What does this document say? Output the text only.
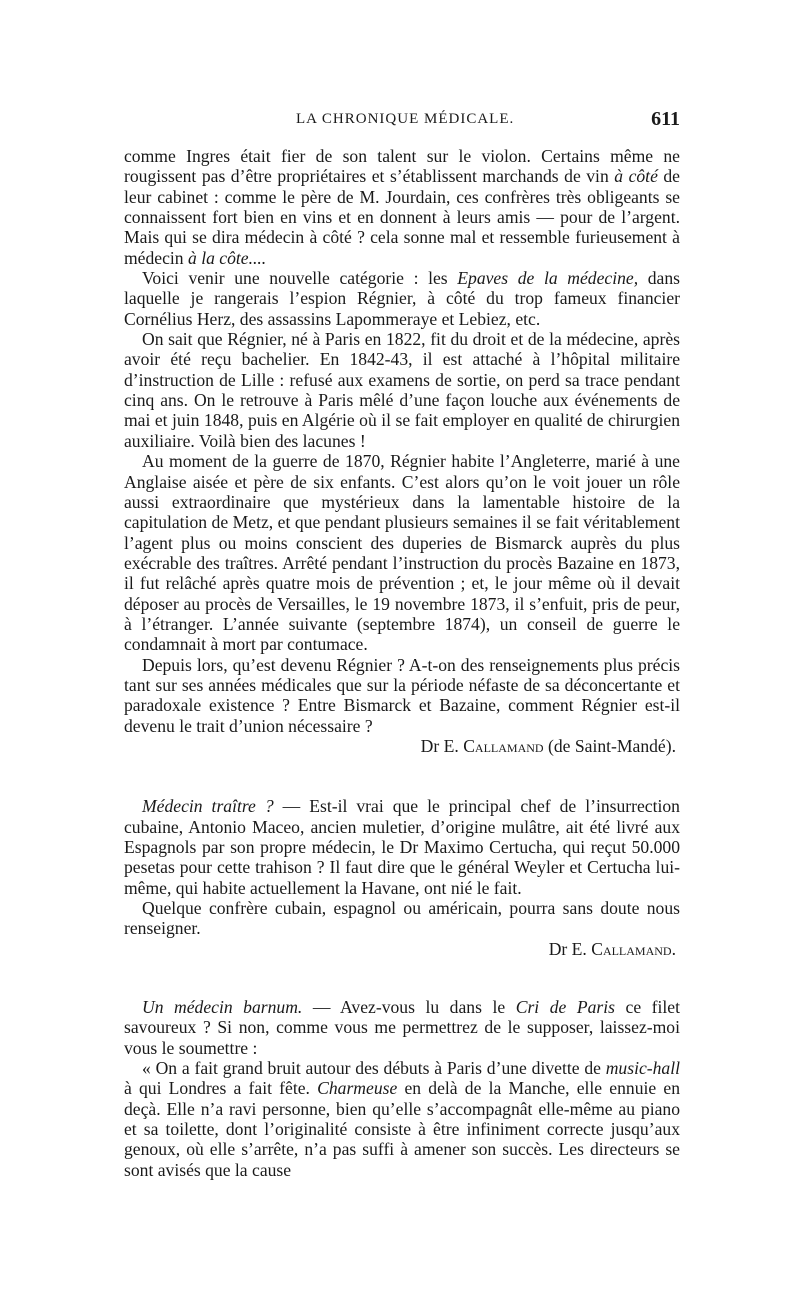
LA CHRONIQUE MÉDICALE.	611

comme Ingres était fier de son talent sur le violon. Certains même ne rougissent pas d’être propriétaires et s’établissent marchands de vin à côté de leur cabinet : comme le père de M. Jourdain, ces confrères très obligeants se connaissent fort bien en vins et en donnent à leurs amis — pour de l’argent. Mais qui se dira médecin à côté ? cela sonne mal et ressemble furieusement à médecin à la côte....

Voici venir une nouvelle catégorie : les Epaves de la médecine, dans laquelle je rangerais l’espion Régnier, à côté du trop fameux financier Cornélius Herz, des assassins Lapommeraye et Lebiez, etc.

On sait que Régnier, né à Paris en 1822, fit du droit et de la médecine, après avoir été reçu bachelier. En 1842-43, il est attaché à l’hôpital militaire d’instruction de Lille : refusé aux examens de sortie, on perd sa trace pendant cinq ans. On le retrouve à Paris mêlé d’une façon louche aux événements de mai et juin 1848, puis en Algérie où il se fait employer en qualité de chirurgien auxiliaire. Voilà bien des lacunes !

Au moment de la guerre de 1870, Régnier habite l’Angleterre, marié à une Anglaise aisée et père de six enfants. C’est alors qu’on le voit jouer un rôle aussi extraordinaire que mystérieux dans la lamentable histoire de la capitulation de Metz, et que pendant plusieurs semaines il se fait véritablement l’agent plus ou moins conscient des duperies de Bismarck auprès du plus exécrable des traîtres. Arrêté pendant l’instruction du procès Bazaine en 1873, il fut relâché après quatre mois de prévention ; et, le jour même où il devait déposer au procès de Versailles, le 19 novembre 1873, il s’enfuit, pris de peur, à l’étranger. L’année suivante (septembre 1874), un conseil de guerre le condamnait à mort par contumace.

Depuis lors, qu’est devenu Régnier ? A-t-on des renseignements plus précis tant sur ses années médicales que sur la période néfaste de sa déconcertante et paradoxale existence ? Entre Bismarck et Bazaine, comment Régnier est-il devenu le trait d’union nécessaire ?

Dr E. Callamand (de Saint-Mandé).

Médecin traître ? — Est-il vrai que le principal chef de l’insurrection cubaine, Antonio Maceo, ancien muletier, d’origine mulâtre, ait été livré aux Espagnols par son propre médecin, le Dr Maximo Certucha, qui reçut 50.000 pesetas pour cette trahison ? Il faut dire que le général Weyler et Certucha lui-même, qui habite actuellement la Havane, ont nié le fait.

Quelque confrère cubain, espagnol ou américain, pourra sans doute nous renseigner.

Dr E. Callamand.

Un médecin barnum. — Avez-vous lu dans le Cri de Paris ce filet savoureux ? Si non, comme vous me permettrez de le supposer, laissez-moi vous le soumettre :

« On a fait grand bruit autour des débuts à Paris d’une divette de music-hall à qui Londres a fait fête. Charmeuse en delà de la Manche, elle ennuie en deçà. Elle n’a ravi personne, bien qu’elle s’accompagnât elle-même au piano et sa toilette, dont l’originalité consiste à être infiniment correcte jusqu’aux genoux, où elle s’arrête, n’a pas suffi à amener son succès. Les directeurs se sont avisés que la cause
